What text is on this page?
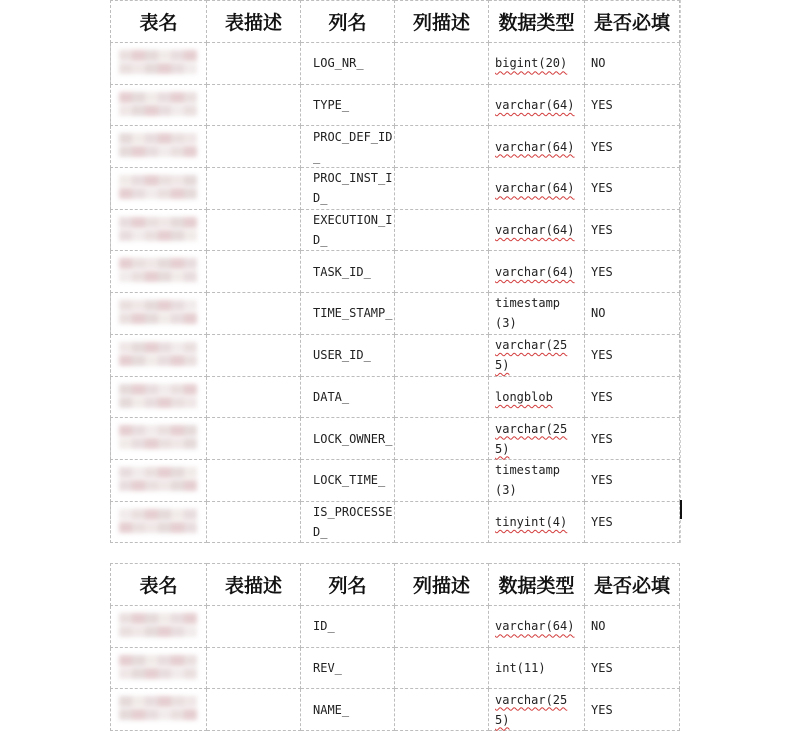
表名	表描述	列名	列描述	数据类型	是否必填

		LOG_NR_		bigint(20)	NO

		TYPE_		varchar(64)	YES

		PROC_DEF_ID_		varchar(64)	YES

		PROC_INST_ID_		varchar(64)	YES

		EXECUTION_ID_		varchar(64)	YES

		TASK_ID_		varchar(64)	YES

		TIME_STAMP_		timestamp(3)	NO

		USER_ID_		varchar(255)	YES

		DATA_		longblob	YES

		LOCK_OWNER_		varchar(255)	YES

		LOCK_TIME_		timestamp(3)	YES

		IS_PROCESSED_		tinyint(4)	YES
表名	表描述	列名	列描述	数据类型	是否必填

		ID_		varchar(64)	NO

		REV_		int(11)	YES

		NAME_		varchar(255)	YES
